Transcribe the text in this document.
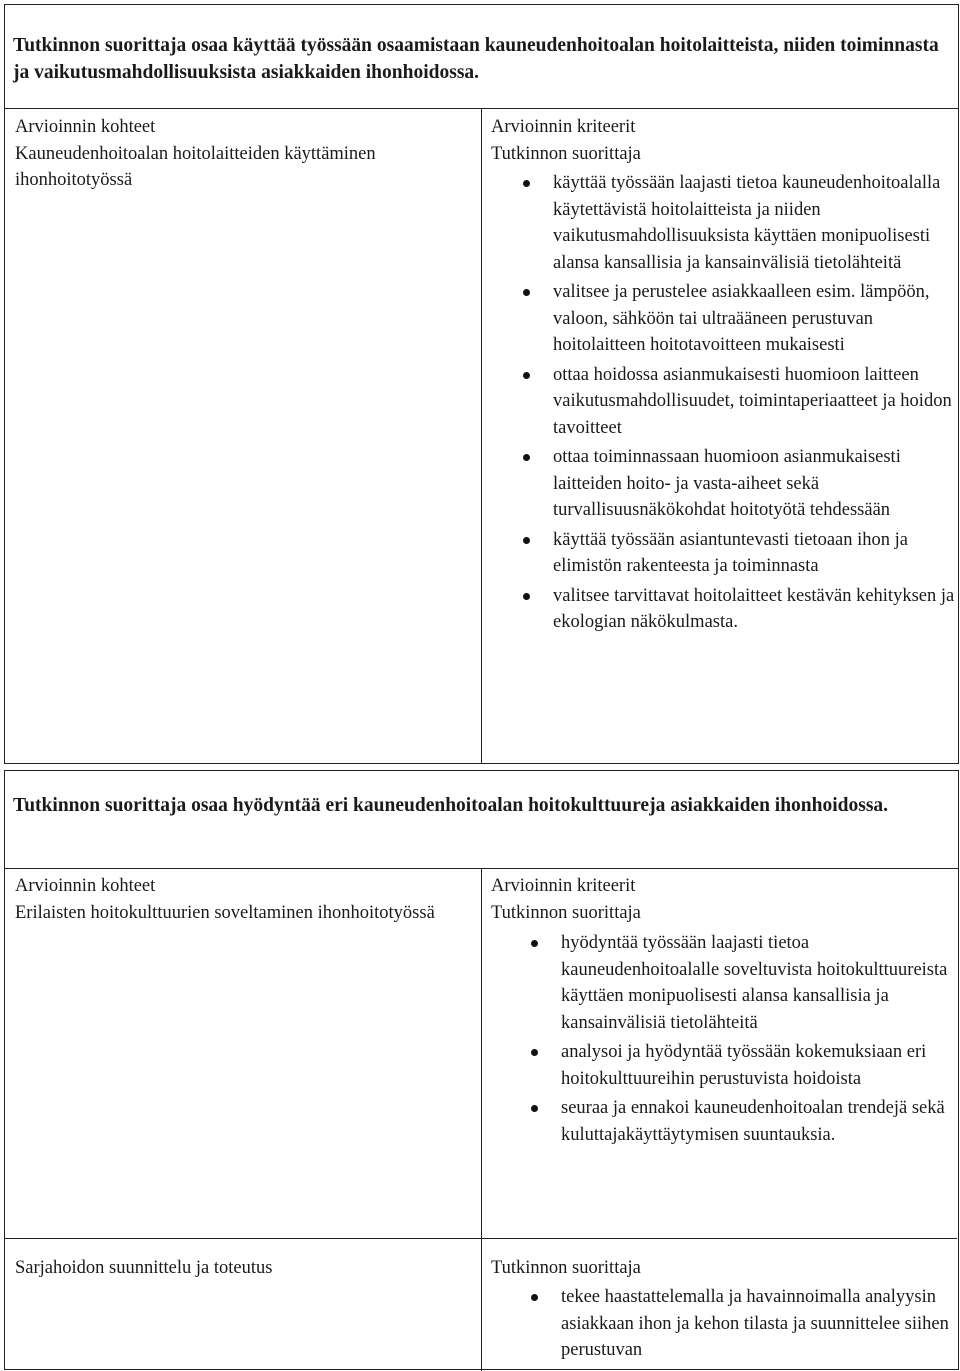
Tutkinnon suorittaja osaa käyttää työssään osaamistaan kauneudenhoitoalan hoitolaitteista, niiden toiminnasta ja vaikutusmahdollisuuksista asiakkaiden ihonhoidossa.
Arvioinnin kohteet
Kauneudenhoitoalan hoitolaitteiden käyttäminen ihonhoitotyössä
Arvioinnin kriteerit
Tutkinnon suorittaja
käyttää työssään laajasti tietoa kauneudenhoitoalalla käytettävistä hoitolaitteista ja niiden vaikutusmahdollisuuksista käyttäen monipuolisesti alansa kansallisia ja kansainvälisiä tietolähteitä
valitsee ja perustelee asiakkaalleen esim. lämpöön, valoon, sähköön tai ultraääneen perustuvan hoitolaitteen hoitotavoitteen mukaisesti
ottaa hoidossa asianmukaisesti huomioon laitteen vaikutusmahdollisuudet, toimintaperiaatteet ja hoidon tavoitteet
ottaa toiminnassaan huomioon asianmukaisesti laitteiden hoito- ja vasta-aiheet sekä turvallisuusnäkökohdat hoitotyötä tehdessään
käyttää työssään asiantuntevasti tietoaan ihon ja elimistön rakenteesta ja toiminnasta
valitsee tarvittavat hoitolaitteet kestävän kehityksen ja ekologian näkökulmasta.
Tutkinnon suorittaja osaa hyödyntää eri kauneudenhoitoalan hoitokulttuureja asiakkaiden ihonhoidossa.
Arvioinnin kohteet
Erilaisten hoitokulttuurien soveltaminen ihonhoitotyössä
Arvioinnin kriteerit
Tutkinnon suorittaja
hyödyntää työssään laajasti tietoa kauneudenhoitoalalle soveltuvista hoitokulttuureista käyttäen monipuolisesti alansa kansallisia ja kansainvälisiä tietolähteitä
analysoi ja hyödyntää työssään kokemuksiaan eri hoitokulttuureihin perustuvista hoidoista
seuraa ja ennakoi kauneudenhoitoalan trendejä sekä kuluttajakäyttäytymisen suuntauksia.
Sarjahoidon suunnittelu ja toteutus	Tutkinnon suorittaja
tekee haastattelemalla ja havainnoimalla analyysin asiakkaan ihon ja kehon tilasta ja suunnittelee siihen perustuvan
